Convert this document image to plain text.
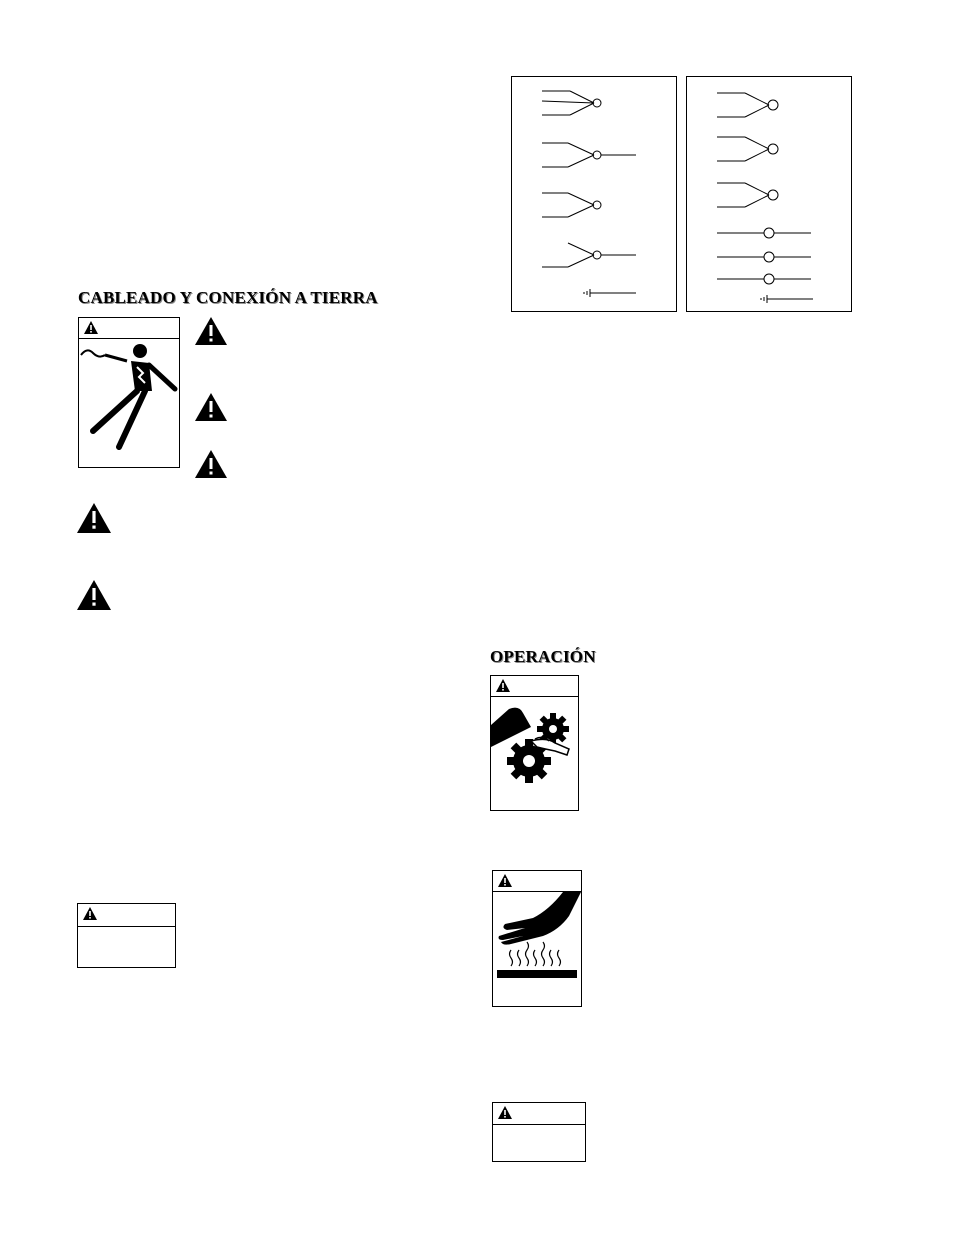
CABLEADO Y CONEXIÓN A TIERRA
OPERACIÓN
